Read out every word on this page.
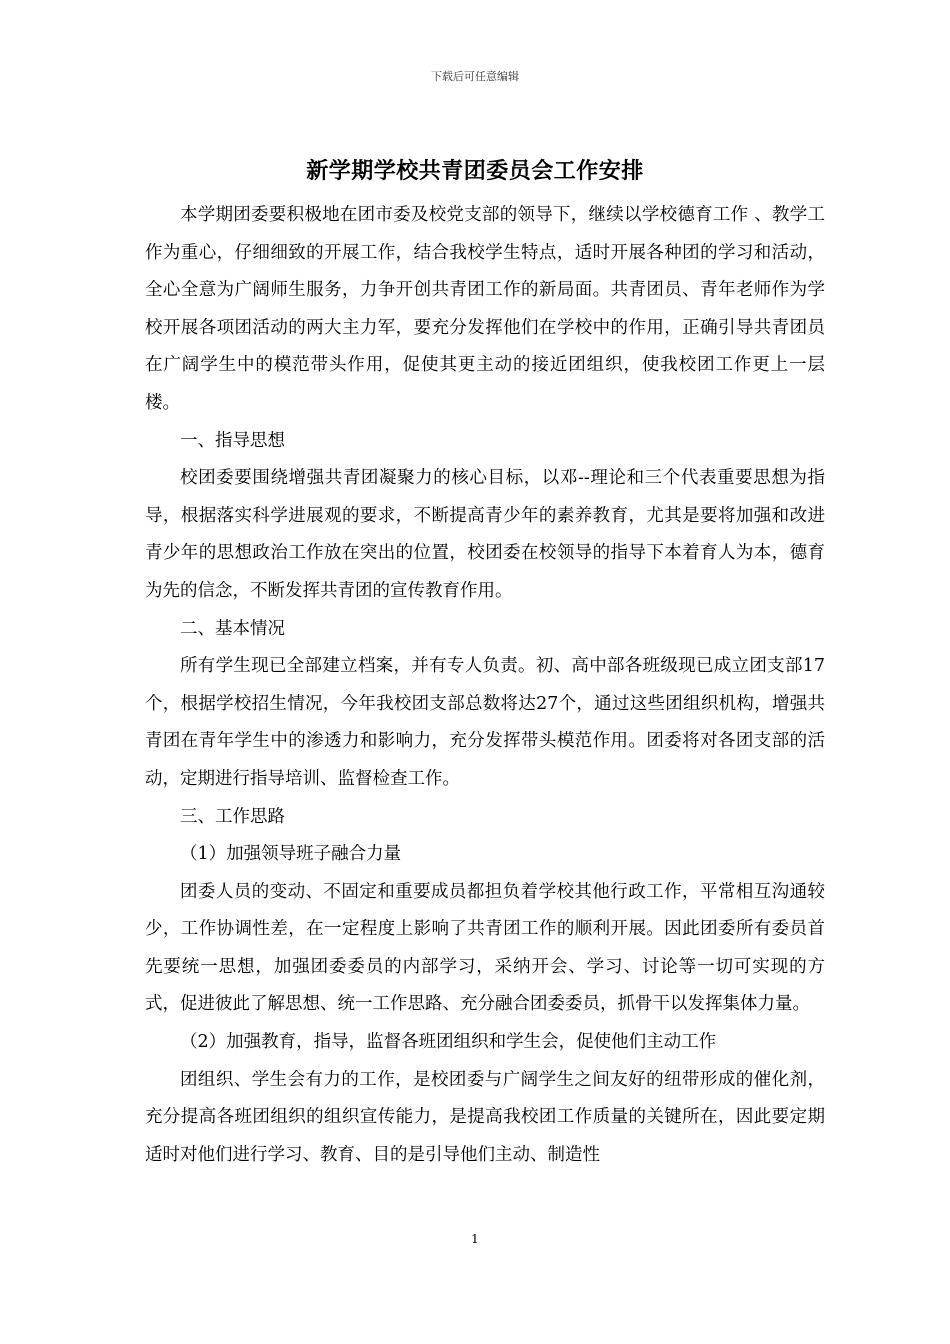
下载后可任意编辑
新学期学校共青团委员会工作安排

本学期团委要积极地在团市委及校党支部的领导下，继续以学校德育工作 、教学工作为重心，仔细细致的开展工作，结合我校学生特点，适时开展各种团的学习和活动，全心全意为广阔师生服务，力争开创共青团工作的新局面。共青团员、青年老师作为学校开展各项团活动的两大主力军，要充分发挥他们在学校中的作用，正确引导共青团员在广阔学生中的模范带头作用，促使其更主动的接近团组织，使我校团工作更上一层楼。

一、指导思想

校团委要围绕增强共青团凝聚力的核心目标，以邓--理论和三个代表重要思想为指导，根据落实科学进展观的要求，不断提高青少年的素养教育，尤其是要将加强和改进青少年的思想政治工作放在突出的位置，校团委在校领导的指导下本着育人为本，德育为先的信念，不断发挥共青团的宣传教育作用。

二、基本情况

所有学生现已全部建立档案，并有专人负责。初、高中部各班级现已成立团支部17个，根据学校招生情况，今年我校团支部总数将达27个，通过这些团组织机构，增强共青团在青年学生中的渗透力和影响力，充分发挥带头模范作用。团委将对各团支部的活动，定期进行指导培训、监督检查工作。

三、工作思路

（1）加强领导班子融合力量

团委人员的变动、不固定和重要成员都担负着学校其他行政工作，平常相互沟通较少，工作协调性差，在一定程度上影响了共青团工作的顺利开展。因此团委所有委员首先要统一思想，加强团委委员的内部学习，采纳开会、学习、讨论等一切可实现的方式，促进彼此了解思想、统一工作思路、充分融合团委委员，抓骨干以发挥集体力量。

（2）加强教育，指导，监督各班团组织和学生会，促使他们主动工作

团组织、学生会有力的工作，是校团委与广阔学生之间友好的纽带形成的催化剂，充分提高各班团组织的组织宣传能力，是提高我校团工作质量的关键所在，因此要定期适时对他们进行学习、教育、目的是引导他们主动、制造性

1
